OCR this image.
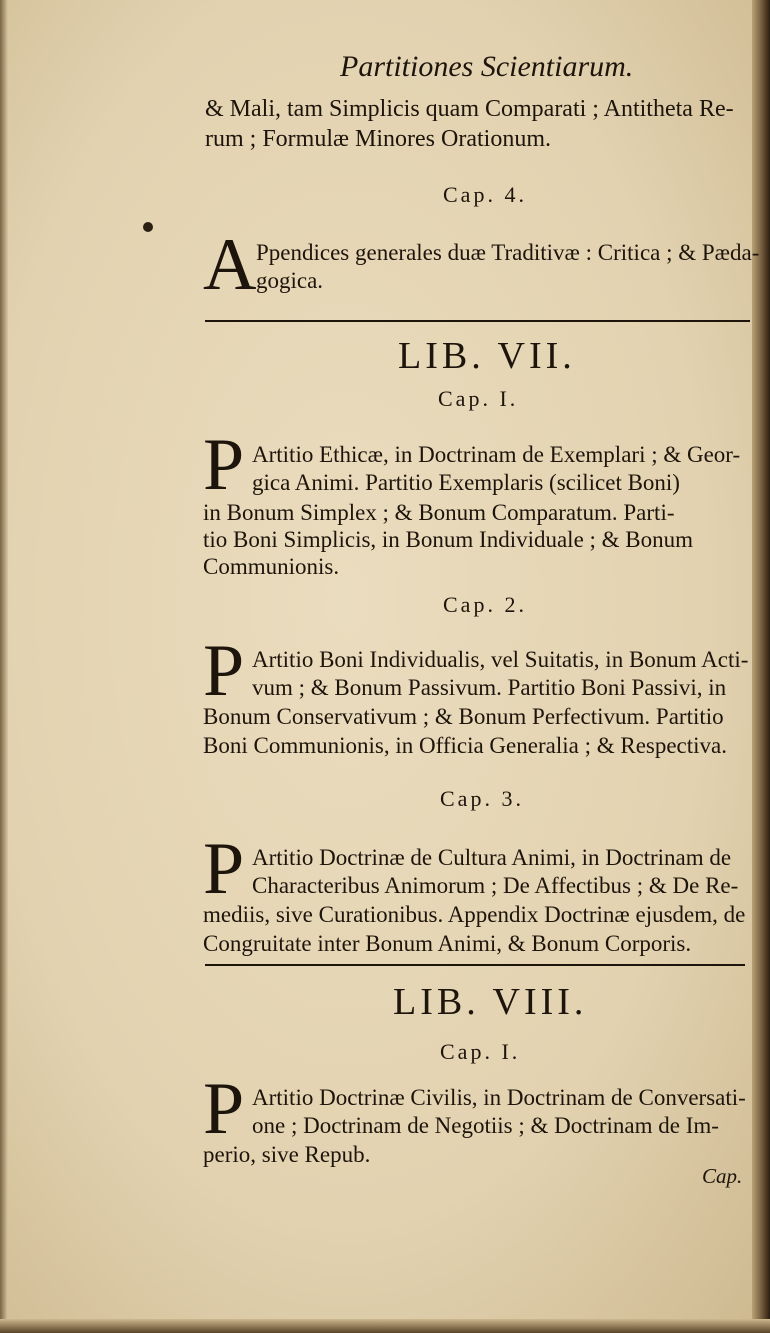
Partitiones Scientiarum.
& Mali, tam Simplicis quam Comparati ; Antitheta Re-
rum ; Formulæ Minores Orationum.
Cap. 4.
A Ppendices generales duæ Traditivæ : Critica ; & Pæda-
gogica.
LIB. VII.
Cap. I.
P Artitio Ethicæ, in Doctrinam de Exemplari ; & Geor-
gica Animi. Partitio Exemplaris (scilicet Boni)
in Bonum Simplex ; & Bonum Comparatum. Parti-
tio Boni Simplicis, in Bonum Individuale ; & Bonum
Communionis.
Cap. 2.
P Artitio Boni Individualis, vel Suitatis, in Bonum Acti-
vum ; & Bonum Passivum. Partitio Boni Passivi, in
Bonum Conservativum ; & Bonum Perfectivum. Partitio
Boni Communionis, in Officia Generalia ; & Respectiva.
Cap. 3.
P Artitio Doctrinæ de Cultura Animi, in Doctrinam de
Characteribus Animorum ; De Affectibus ; & De Re-
mediis, sive Curationibus. Appendix Doctrinæ ejusdem, de
Congruitate inter Bonum Animi, & Bonum Corporis.
LIB. VIII.
Cap. I.
P Artitio Doctrinæ Civilis, in Doctrinam de Conversati-
one ; Doctrinam de Negotiis ; & Doctrinam de Im-
perio, sive Repub.
Cap.
